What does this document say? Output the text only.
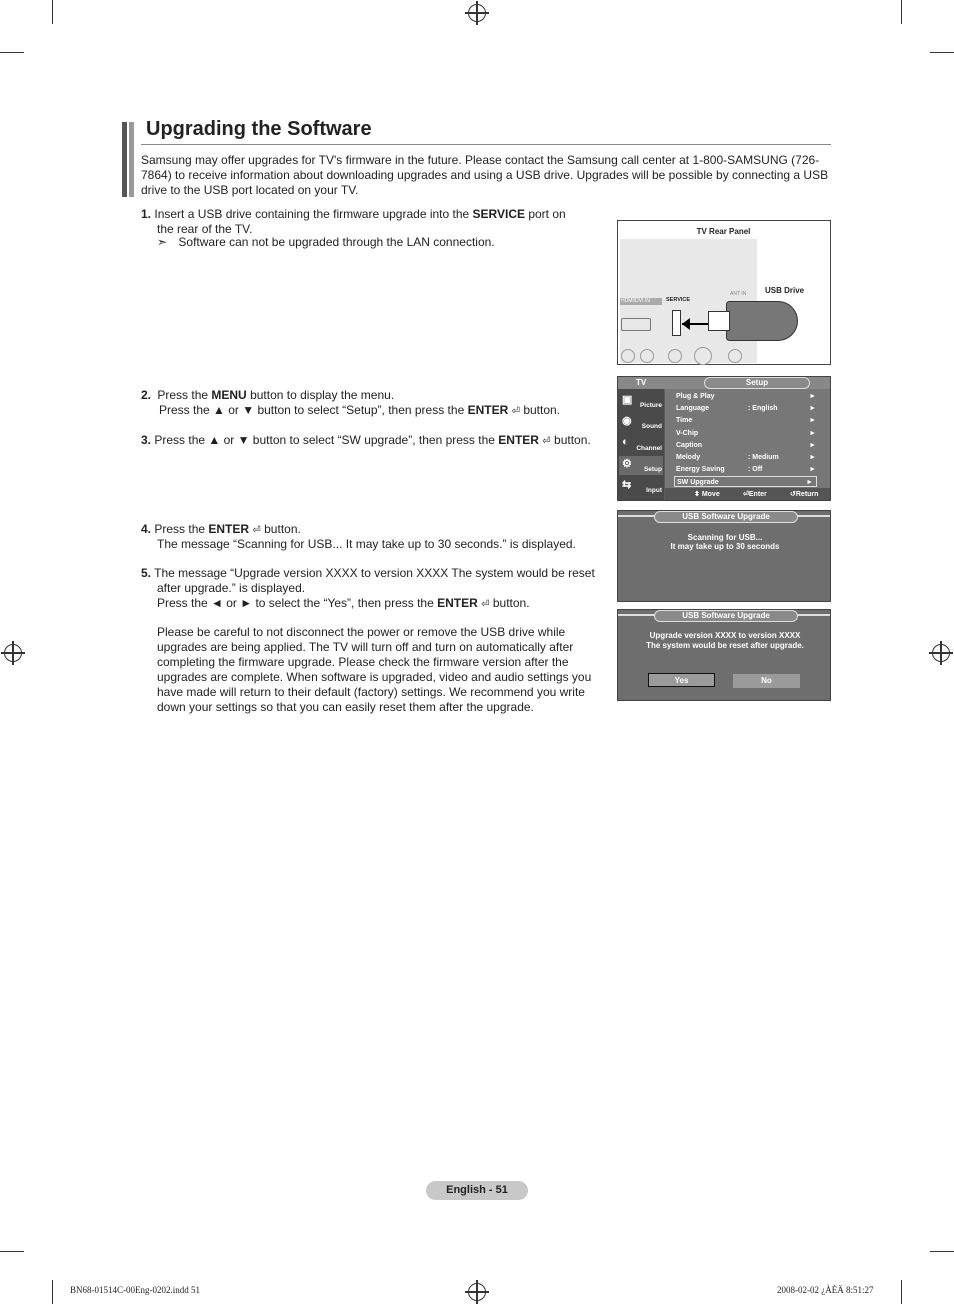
Upgrading the Software
Samsung may offer upgrades for TV's firmware in the future. Please contact the Samsung call center at 1-800-SAMSUNG (726-7864) to receive information about downloading upgrades and using a USB drive. Upgrades will be possible by connecting a USB drive to the USB port located on your TV.
1. Insert a USB drive containing the firmware upgrade into the SERVICE port on
the rear of the TV.
➣ Software can not be upgraded through the LAN connection.
2. Press the MENU button to display the menu.
Press the ▲ or ▼ button to select “Setup”, then press the ENTER ⏎ button.
3. Press the ▲ or ▼ button to select “SW upgrade”, then press the ENTER ⏎ button.
4. Press the ENTER ⏎ button.
The message “Scanning for USB... It may take up to 30 seconds.” is displayed.
5. The message “Upgrade version XXXX to version XXXX The system would be reset
after upgrade.” is displayed.
Press the ◄ or ► to select the “Yes”, then press the ENTER ⏎ button.
Please be careful to not disconnect the power or remove the USB drive while
upgrades are being applied. The TV will turn off and turn on automatically after
completing the firmware upgrade. Please check the firmware version after the
upgrades are complete. When software is upgraded, video and audio settings you
have made will return to their default (factory) settings. We recommend you write
down your settings so that you can easily reset them after the upgrade.
TV Rear Panel
HDMI/DVI IN	SERVICE
ANT IN USB Drive
TV	Setup
▣ Picture
◉ Sound
◐
Channel
⚙ Setup
⇆ Input
Plug & Play	►
Language	: English	►
Time	►
V-Chip	►
Caption	►
Melody	: Medium	►
Energy Saving	: Off	►
SW Upgrade	►
⬍ Move	⏎Enter	↺Return
USB Software Upgrade
Scanning for USB...
It may take up to 30 seconds
USB Software Upgrade
Upgrade version XXXX to version XXXX
The system would be reset after upgrade.
Yes	No
English - 51
BN68-01514C-00Eng-0202.indd 51	2008-02-02 ¿ÀÈÄ 8:51:27
